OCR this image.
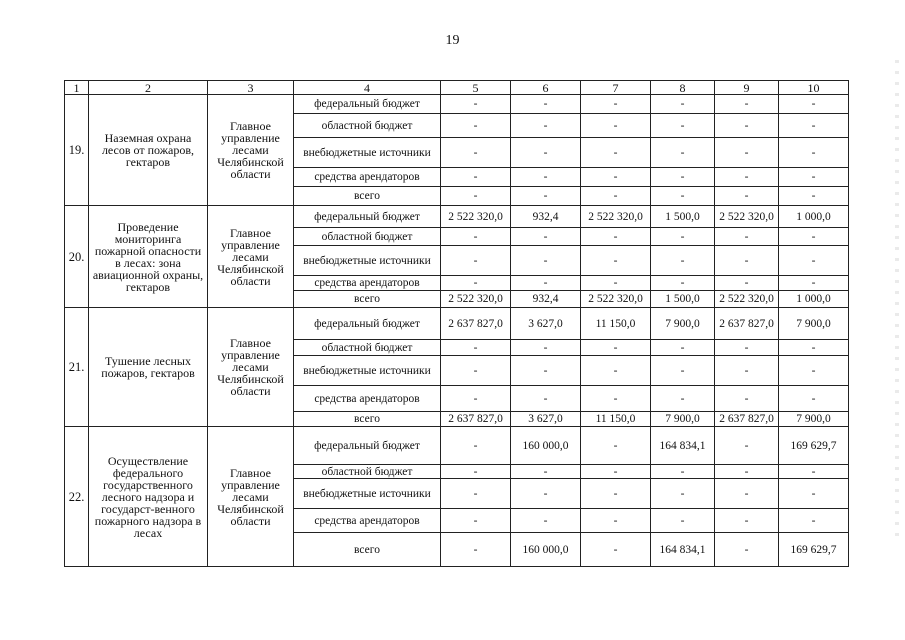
19
1	2	3	4	5	6	7	8	9	10
19.	Наземная охрана лесов от пожаров, гектаров	Главное управление лесами Челябинской области	федеральный бюджет	-	-	-	-	-	-
			областной бюджет	-	-	-	-	-	-
			внебюджетные источники	-	-	-	-	-	-
			средства арендаторов	-	-	-	-	-	-
			всего	-	-	-	-	-	-
20.	Проведение мониторинга пожарной опасности в лесах: зона авиационной охраны, гектаров	Главное управление лесами Челябинской области	федеральный бюджет	2 522 320,0	932,4	2 522 320,0	1 500,0	2 522 320,0	1 000,0
			областной бюджет	-	-	-	-	-	-
			внебюджетные источники	-	-	-	-	-	-
			средства арендаторов	-	-	-	-	-	-
			всего	2 522 320,0	932,4	2 522 320,0	1 500,0	2 522 320,0	1 000,0
21.	Тушение лесных пожаров, гектаров	Главное управление лесами Челябинской области	федеральный бюджет	2 637 827,0	3 627,0	11 150,0	7 900,0	2 637 827,0	7 900,0
			областной бюджет	-	-	-	-	-	-
			внебюджетные источники	-	-	-	-	-	-
			средства арендаторов	-	-	-	-	-	-
			всего	2 637 827,0	3 627,0	11 150,0	7 900,0	2 637 827,0	7 900,0
22.	Осуществление федерального государственного лесного надзора и государст-венного пожарного надзора в лесах	Главное управление лесами Челябинской области	федеральный бюджет	-	160 000,0	-	164 834,1	-	169 629,7
			областной бюджет	-	-	-	-	-	-
			внебюджетные источники	-	-	-	-	-	-
			средства арендаторов	-	-	-	-	-	-
			всего	-	160 000,0	-	164 834,1	-	169 629,7
